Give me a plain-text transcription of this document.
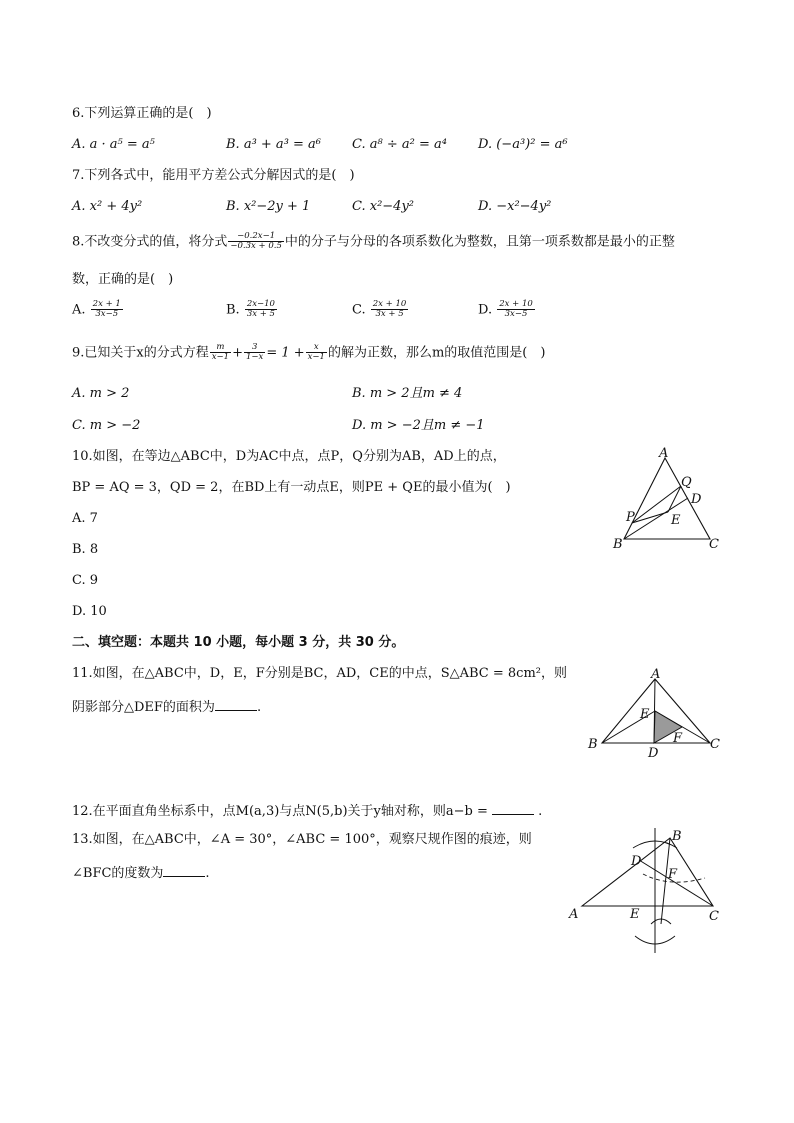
6.下列运算正确的是( )
A. a · a⁵ = a⁵	B. a³ + a³ = a⁶ C. a⁸ ÷ a² = a⁴ D. (−a³)² = a⁶
7.下列各式中，能用平方差公式分解因式的是( )
A. x² + 4y²	B. x²−2y + 1	C. x²−4y²	D. −x²−4y²
8.不改变分式的值，将分式 $\frac{-0.2x-1}{-0.3x + 0.5}$ 中的分子与分母的各项系数化为整数，且第一项系数都是最小的正整
数，正确的是( )
A. $\frac{2x + 1}{3x-5}$	B. $\frac{2x-10}{3x + 5}$	C. $\frac{2x + 10}{3x + 5}$	D. $\frac{2x + 10}{3x-5}$
9.已知关于x的分式方程 $\frac{m}{x-1} + \frac{3}{1-x} = 1 + \frac{x}{x-1}$ 的解为正数，那么m的取值范围是( )
A. m > 2	B. m > 2且m ≠ 4
C. m > −2	D. m > −2且m ≠ −1
10.如图，在等边△ABC中，D为AC中点，点P，Q分别为AB，AD上的点，
BP = AQ = 3，QD = 2，在BD上有一动点E，则PE + QE的最小值为( )
A. 7
B. 8
C. 9
D. 10
A
Q
D
P	E
B	C
二、填空题：本题共 10 小题，每小题 3 分，共 30 分。
11.如图，在△ABC中，D，E，F分别是BC，AD，CE的中点，S△ABC = 8cm²，则
阴影部分△DEF的面积为	.
A
E
F
B
D
C
12.在平面直角坐标系中，点M(a,3)与点N(5,b)关于y轴对称，则a−b =	.
13.如图，在△ABC中，∠A = 30°，∠ABC = 100°，观察尺规作图的痕迹，则
∠BFC的度数为	.
B
D
F
A	E	C
